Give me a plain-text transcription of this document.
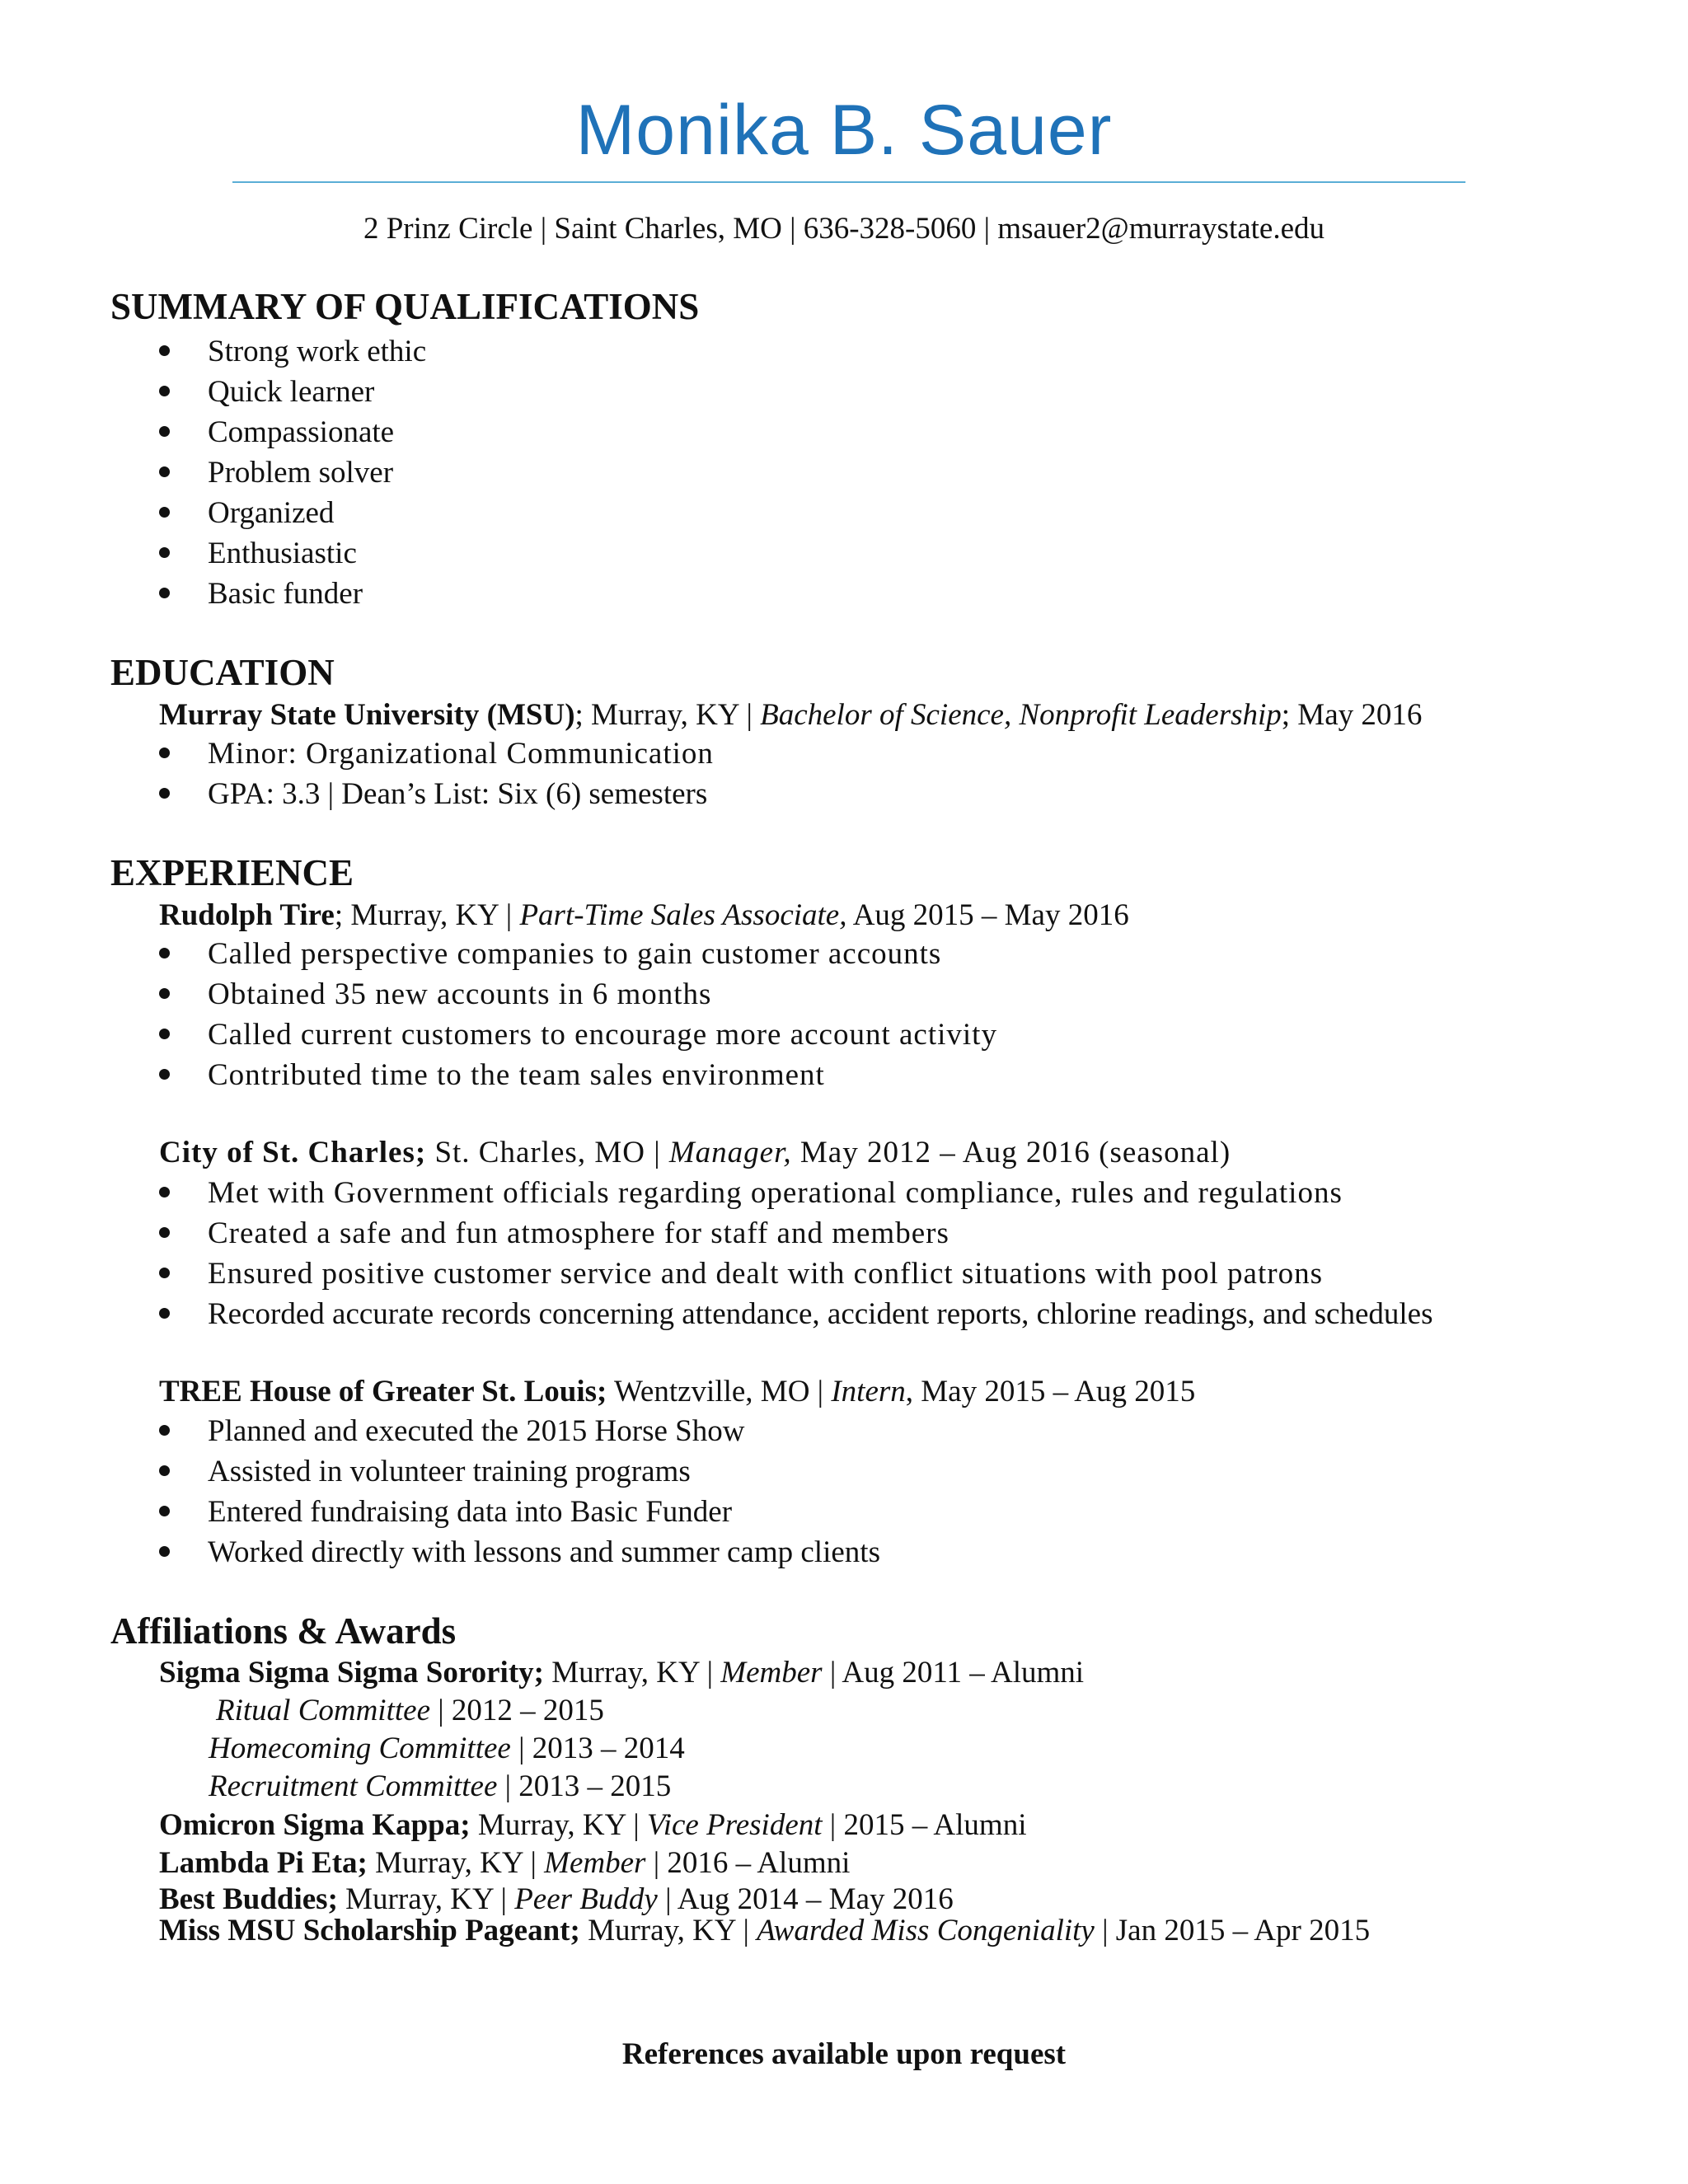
Monika B. Sauer
2 Prinz Circle | Saint Charles, MO | 636-328-5060 | msauer2@murraystate.edu
SUMMARY OF QUALIFICATIONS
Strong work ethic
Quick learner
Compassionate
Problem solver
Organized
Enthusiastic
Basic funder
EDUCATION
Murray State University (MSU); Murray, KY | Bachelor of Science, Nonprofit Leadership; May 2016
Minor: Organizational Communication
GPA: 3.3 | Dean’s List: Six (6) semesters
EXPERIENCE
Rudolph Tire; Murray, KY | Part-Time Sales Associate, Aug 2015 – May 2016
Called perspective companies to gain customer accounts
Obtained 35 new accounts in 6 months
Called current customers to encourage more account activity
Contributed time to the team sales environment
City of St. Charles; St. Charles, MO | Manager, May 2012 – Aug 2016 (seasonal)
Met with Government officials regarding operational compliance, rules and regulations
Created a safe and fun atmosphere for staff and members
Ensured positive customer service and dealt with conflict situations with pool patrons
Recorded accurate records concerning attendance, accident reports, chlorine readings, and schedules
TREE House of Greater St. Louis; Wentzville, MO | Intern, May 2015 – Aug 2015
Planned and executed the 2015 Horse Show
Assisted in volunteer training programs
Entered fundraising data into Basic Funder
Worked directly with lessons and summer camp clients
Affiliations & Awards
Sigma Sigma Sigma Sorority; Murray, KY | Member | Aug 2011 – Alumni
Ritual Committee | 2012 – 2015
Homecoming Committee | 2013 – 2014
Recruitment Committee | 2013 – 2015
Omicron Sigma Kappa; Murray, KY | Vice President | 2015 – Alumni
Lambda Pi Eta; Murray, KY | Member | 2016 – Alumni
Best Buddies; Murray, KY | Peer Buddy | Aug 2014 – May 2016
Miss MSU Scholarship Pageant; Murray, KY | Awarded Miss Congeniality | Jan 2015 – Apr 2015
References available upon request
